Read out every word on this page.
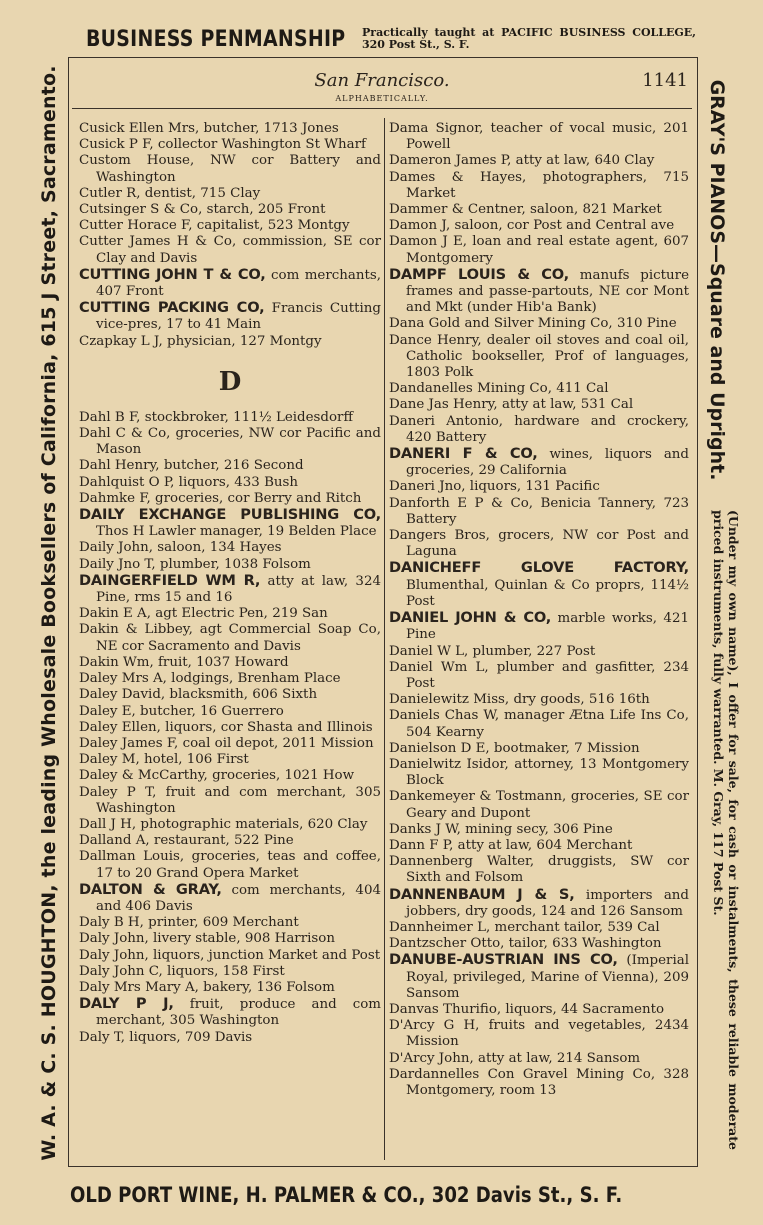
BUSINESS PENMANSHIP Practically taught at PACIFIC BUSINESS COLLEGE, 320 Post St., S. F.
W. A. & C. S. HOUGHTON, the leading Wholesale Booksellers of California, 615 J Street, Sacramento.	GRAY'S PIANOS—Square and Upright.
(Under my own name), I offer for sale, for cash or instalments, these reliable moderate priced instruments, fully warranted. M. Gray, 117 Post St.
San Francisco.	1141
ALPHABETICALLY.

Cusick Ellen Mrs, butcher, 1713 Jones

Cusick P F, collector Washington St Wharf

Custom House, NW cor Battery and Washington

Cutler R, dentist, 715 Clay

Cutsinger S & Co, starch, 205 Front

Cutter Horace F, capitalist, 523 Montgy

Cutter James H & Co, commission, SE cor Clay and Davis

CUTTING JOHN T & CO, com merchants, 407 Front

CUTTING PACKING CO, Francis Cutting vice-pres, 17 to 41 Main

Czapkay L J, physician, 127 Montgy

D

Dahl B F, stockbroker, 111½ Leidesdorff

Dahl C & Co, groceries, NW cor Pacific and Mason

Dahl Henry, butcher, 216 Second

Dahlquist O P, liquors, 433 Bush

Dahmke F, groceries, cor Berry and Ritch

DAILY EXCHANGE PUBLISHING CO, Thos H Lawler manager, 19 Belden Place

Daily John, saloon, 134 Hayes

Daily Jno T, plumber, 1038 Folsom

DAINGERFIELD WM R, atty at law, 324 Pine, rms 15 and 16

Dakin E A, agt Electric Pen, 219 San

Dakin & Libbey, agt Commercial Soap Co, NE cor Sacramento and Davis

Dakin Wm, fruit, 1037 Howard

Daley Mrs A, lodgings, Brenham Place

Daley David, blacksmith, 606 Sixth

Daley E, butcher, 16 Guerrero

Daley Ellen, liquors, cor Shasta and Illinois

Daley James F, coal oil depot, 2011 Mission

Daley M, hotel, 106 First

Daley & McCarthy, groceries, 1021 How

Daley P T, fruit and com merchant, 305 Washington

Dall J H, photographic materials, 620 Clay

Dalland A, restaurant, 522 Pine

Dallman Louis, groceries, teas and coffee, 17 to 20 Grand Opera Market

DALTON & GRAY, com merchants, 404 and 406 Davis

Daly B H, printer, 609 Merchant

Daly John, livery stable, 908 Harrison

Daly John, liquors, junction Market and Post

Daly John C, liquors, 158 First

Daly Mrs Mary A, bakery, 136 Folsom

DALY P J, fruit, produce and com merchant, 305 Washington

Daly T, liquors, 709 Davis

Dama Signor, teacher of vocal music, 201 Powell

Dameron James P, atty at law, 640 Clay

Dames & Hayes, photographers, 715 Market

Dammer & Centner, saloon, 821 Market

Damon J, saloon, cor Post and Central ave

Damon J E, loan and real estate agent, 607 Montgomery

DAMPF LOUIS & CO, manufs picture frames and passe-partouts, NE cor Mont and Mkt (under Hib'a Bank)

Dana Gold and Silver Mining Co, 310 Pine

Dance Henry, dealer oil stoves and coal oil, Catholic bookseller, Prof of languages, 1803 Polk

Dandanelles Mining Co, 411 Cal

Dane Jas Henry, atty at law, 531 Cal

Daneri Antonio, hardware and crockery, 420 Battery

DANERI F & CO, wines, liquors and groceries, 29 California

Daneri Jno, liquors, 131 Pacific

Danforth E P & Co, Benicia Tannery, 723 Battery

Dangers Bros, grocers, NW cor Post and Laguna

DANICHEFF GLOVE FACTORY, Blumenthal, Quinlan & Co proprs, 114½ Post

DANIEL JOHN & CO, marble works, 421 Pine

Daniel W L, plumber, 227 Post

Daniel Wm L, plumber and gasfitter, 234 Post

Danielewitz Miss, dry goods, 516 16th

Daniels Chas W, manager Ætna Life Ins Co, 504 Kearny

Danielson D E, bootmaker, 7 Mission

Danielwitz Isidor, attorney, 13 Montgomery Block

Dankemeyer & Tostmann, groceries, SE cor Geary and Dupont

Danks J W, mining secy, 306 Pine

Dann F P, atty at law, 604 Merchant

Dannenberg Walter, druggists, SW cor Sixth and Folsom

DANNENBAUM J & S, importers and jobbers, dry goods, 124 and 126 Sansom

Dannheimer L, merchant tailor, 539 Cal

Dantzscher Otto, tailor, 633 Washington

DANUBE-AUSTRIAN INS CO, (Imperial Royal, privileged, Marine of Vienna), 209 Sansom

Danvas Thurifio, liquors, 44 Sacramento

D'Arcy G H, fruits and vegetables, 2434 Mission

D'Arcy John, atty at law, 214 Sansom

Dardannelles Con Gravel Mining Co, 328 Montgomery, room 13

OLD PORT WINE, H. PALMER & CO., 302 Davis St., S. F.
